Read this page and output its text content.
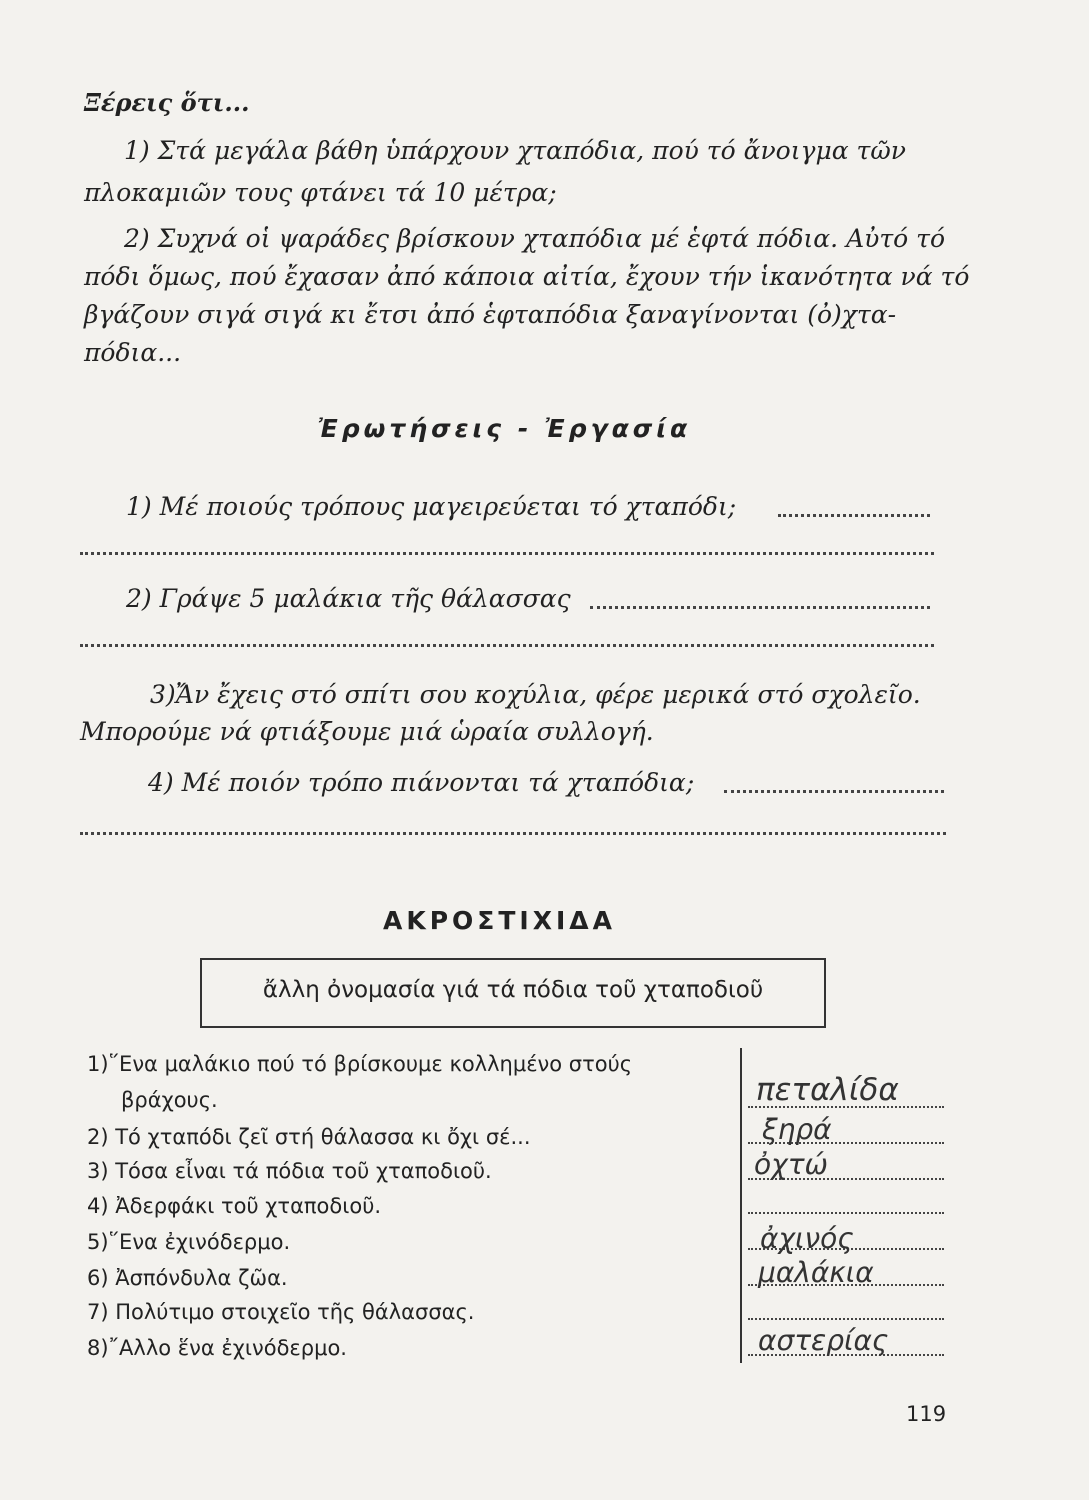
Ξέρεις ὅτι...
1) Στά μεγάλα βάθη ὑπάρχουν χταπόδια, πού τό ἄνοιγμα τῶν
πλοκαμιῶν τους φτάνει τά 10 μέτρα;
2) Συχνά οἱ ψαράδες βρίσκουν χταπόδια μέ ἑφτά πόδια. Αὐτό τό
πόδι ὅμως, πού ἔχασαν ἀπό κάποια αἰτία, ἔχουν τήν ἱκανότητα νά τό
βγάζουν σιγά σιγά κι ἔτσι ἀπό ἑφταπόδια ξαναγίνονται (ὀ)χτα-
πόδια...
Ἐρωτήσεις - Ἐργασία
1) Μέ ποιούς τρόπους μαγειρεύεται τό χταπόδι;
2) Γράψε 5 μαλάκια τῆς θάλασσας
3)Ἄν ἔχεις στό σπίτι σου κοχύλια, φέρε μερικά στό σχολεῖο.
Μπορούμε νά φτιάξουμε μιά ὡραία συλλογή.
4) Μέ ποιόν τρόπο πιάνονται τά χταπόδια;
ΑΚΡΟΣΤΙΧΙΔΑ
ἄλλη ὀνομασία γιά τά πόδια τοῦ χταποδιοῦ
1)῞Ενα μαλάκιο πού τό βρίσκουμε κολλημένο στούς
βράχους.
2) Τό χταπόδι ζεῖ στή θάλασσα κι ὄχι σέ...
3) Τόσα εἶναι τά πόδια τοῦ χταποδιοῦ.
4) Ἀδερφάκι τοῦ χταποδιοῦ.
5)῞Ενα ἐχινόδερμο.
6) Ἀσπόνδυλα ζῶα.
7) Πολύτιμο στοιχεῖο τῆς θάλασσας.
8)῎Αλλο ἕνα ἐχινόδερμο.
πεταλίδα
ξηρά
ὀχτώ
ἀχινός
μαλάκια
αστερίας
119
